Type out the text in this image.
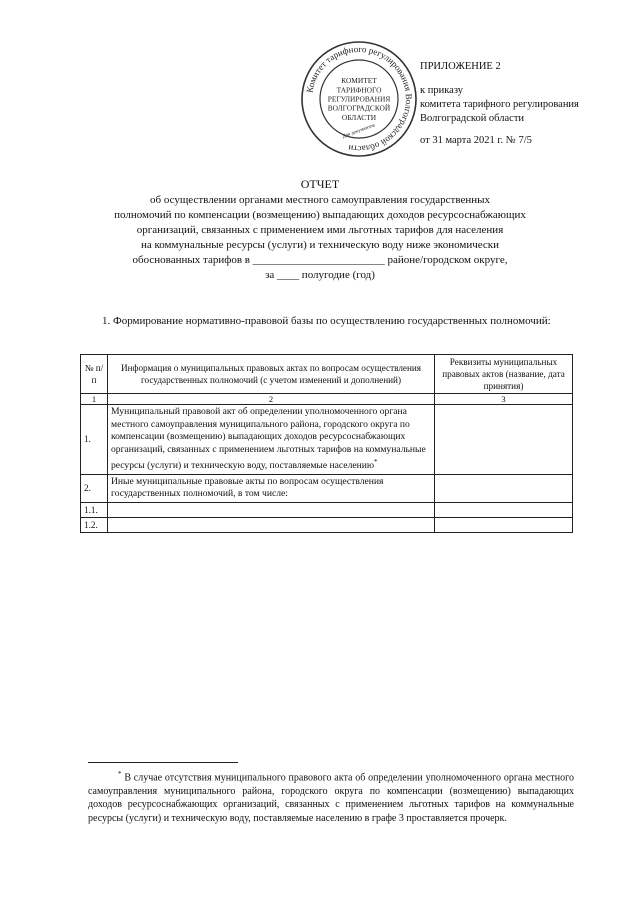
Комитет тарифного регулирования Волгоградской области
КОМИТЕТ ТАРИФНОГО РЕГУЛИРОВАНИЯ ВОЛГОГРАДСКОЙ ОБЛАСТИ
Для документов
ПРИЛОЖЕНИЕ 2
к приказу
комитета тарифного регулирования
Волгоградской области
от 31 марта 2021 г. № 7/5
ОТЧЕТ
об осуществлении органами местного самоуправления государственных
полномочий по компенсации (возмещению) выпадающих доходов ресурсоснабжающих
организаций, связанных с применением ими льготных тарифов для населения
на коммунальные ресурсы (услуги) и техническую воду ниже экономически
обоснованных тарифов в ________________________ районе/городском округе,
за ____ полугодие (год)
1. Формирование нормативно-правовой базы по осуществлению государственных полномочий:
№ п/п	Информация о муниципальных правовых актах по вопросам осуществления государственных полномочий (с учетом изменений и дополнений)	Реквизиты муниципальных правовых актов (название, дата принятия)
1	2	3
1.	Муниципальный правовой акт об определении уполномоченного органа местного самоуправления муниципального района, городского округа по компенсации (возмещению) выпадающих доходов ресурсоснабжающих организаций, связанных с применением льготных тарифов на коммунальные ресурсы (услуги) и техническую воду, поставляемые населению*	
2.	Иные муниципальные правовые акты по вопросам осуществления государственных полномочий, в том числе:	
1.1.		
1.2.		
* В случае отсутствия муниципального правового акта об определении уполномоченного органа местного самоуправления муниципального района, городского округа по компенсации (возмещению) выпадающих доходов ресурсоснабжающих организаций, связанных с применением льготных тарифов на коммунальные ресурсы (услуги) и техническую воду, поставляемые населению в графе 3 проставляется прочерк.
